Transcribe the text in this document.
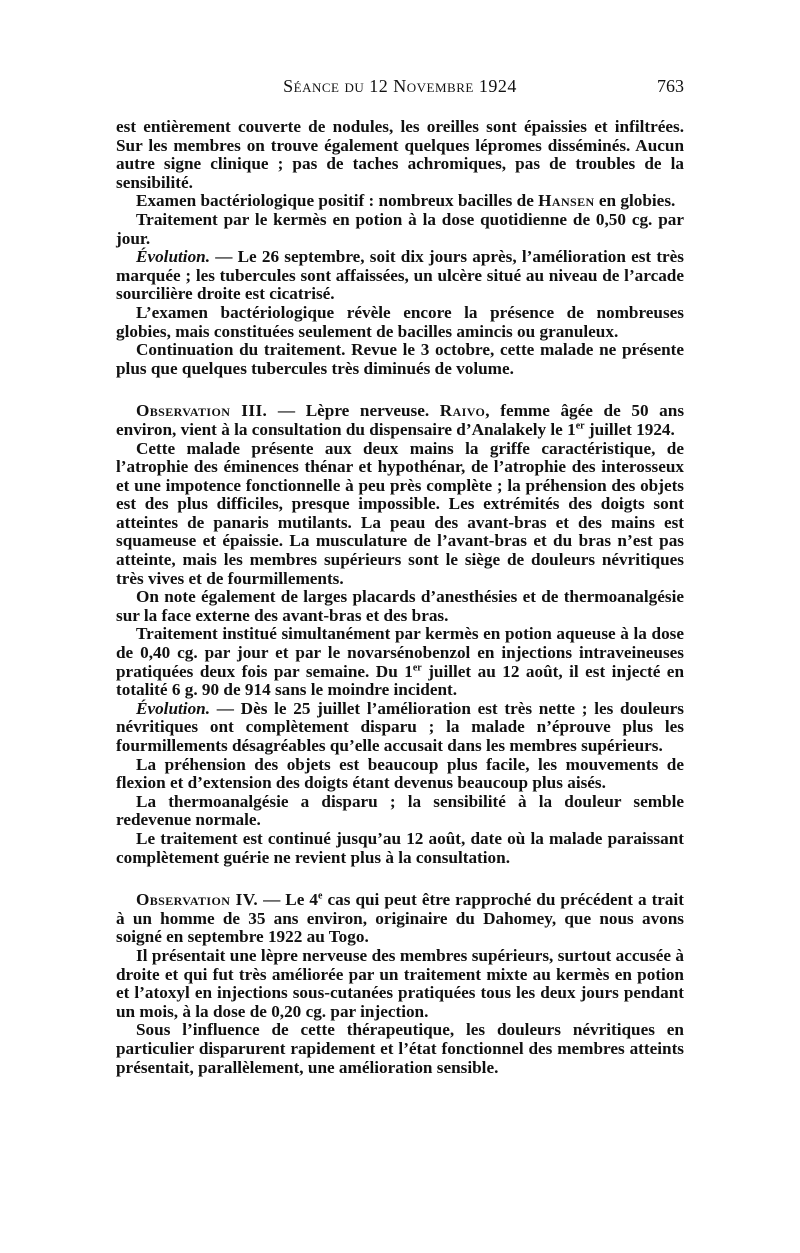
Séance du 12 Novembre 1924	763

est entièrement couverte de nodules, les oreilles sont épaissies et infiltrées. Sur les membres on trouve également quelques lépromes disséminés. Aucun autre signe clinique ; pas de taches achromiques, pas de troubles de la sensibilité.

Examen bactériologique positif : nombreux bacilles de Hansen en globies.

Traitement par le kermès en potion à la dose quotidienne de 0,50 cg. par jour.

Évolution. — Le 26 septembre, soit dix jours après, l’amélioration est très marquée ; les tubercules sont affaissées, un ulcère situé au niveau de l’arcade sourcilière droite est cicatrisé.

L’examen bactériologique révèle encore la présence de nombreuses globies, mais constituées seulement de bacilles amincis ou granuleux.

Continuation du traitement. Revue le 3 octobre, cette malade ne présente plus que quelques tubercules très diminués de volume.

Observation III. — Lèpre nerveuse. Raivo, femme âgée de 50 ans environ, vient à la consultation du dispensaire d’Analakely le 1er juillet 1924.

Cette malade présente aux deux mains la griffe caractéristique, de l’atrophie des éminences thénar et hypothénar, de l’atrophie des interosseux et une impotence fonctionnelle à peu près complète ; la préhension des objets est des plus difficiles, presque impossible. Les extrémités des doigts sont atteintes de panaris mutilants. La peau des avant-bras et des mains est squameuse et épaissie. La musculature de l’avant-bras et du bras n’est pas atteinte, mais les membres supérieurs sont le siège de douleurs névritiques très vives et de fourmillements.

On note également de larges placards d’anesthésies et de thermoanalgésie sur la face externe des avant-bras et des bras.

Traitement institué simultanément par kermès en potion aqueuse à la dose de 0,40 cg. par jour et par le novarsénobenzol en injections intraveineuses pratiquées deux fois par semaine. Du 1er juillet au 12 août, il est injecté en totalité 6 g. 90 de 914 sans le moindre incident.

Évolution. — Dès le 25 juillet l’amélioration est très nette ; les douleurs névritiques ont complètement disparu ; la malade n’éprouve plus les fourmillements désagréables qu’elle accusait dans les membres supérieurs.

La préhension des objets est beaucoup plus facile, les mouvements de flexion et d’extension des doigts étant devenus beaucoup plus aisés.

La thermoanalgésie a disparu ; la sensibilité à la douleur semble redevenue normale.

Le traitement est continué jusqu’au 12 août, date où la malade paraissant complètement guérie ne revient plus à la consultation.

Observation IV. — Le 4e cas qui peut être rapproché du précédent a trait à un homme de 35 ans environ, originaire du Dahomey, que nous avons soigné en septembre 1922 au Togo.

Il présentait une lèpre nerveuse des membres supérieurs, surtout accusée à droite et qui fut très améliorée par un traitement mixte au kermès en potion et l’atoxyl en injections sous-cutanées pratiquées tous les deux jours pendant un mois, à la dose de 0,20 cg. par injection.

Sous l’influence de cette thérapeutique, les douleurs névritiques en particulier disparurent rapidement et l’état fonctionnel des membres atteints présentait, parallèlement, une amélioration sensible.
